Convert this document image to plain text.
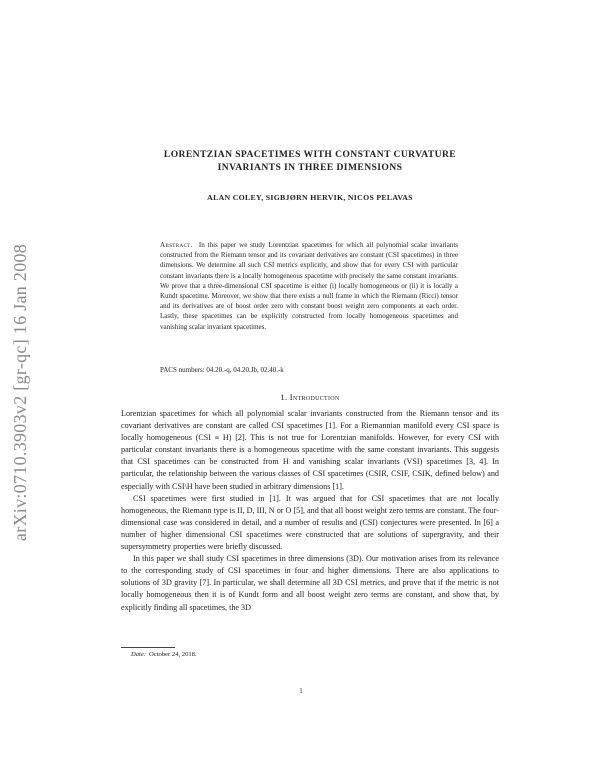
arXiv:0710.3903v2 [gr-qc] 16 Jan 2008
LORENTZIAN SPACETIMES WITH CONSTANT CURVATURE
INVARIANTS IN THREE DIMENSIONS
ALAN COLEY, SIGBJØRN HERVIK, NICOS PELAVAS
Abstract. In this paper we study Lorentzian spacetimes for which all polynomial scalar invariants constructed from the Riemann tensor and its covariant derivatives are constant (CSI spacetimes) in three dimensions. We determine all such CSI metrics explicitly, and show that for every CSI with particular constant invariants there is a locally homogeneous spacetime with precisely the same constant invariants. We prove that a three-dimensional CSI spacetime is either (i) locally homogeneous or (ii) it is locally a Kundt spacetime. Moreover, we show that there exists a null frame in which the Riemann (Ricci) tensor and its derivatives are of boost order zero with constant boost weight zero components at each order. Lastly, these spacetimes can be explicitly constructed from locally homogeneous spacetimes and vanishing scalar invariant spacetimes.
PACS numbers: 04.20.-q, 04.20.Jb, 02.40.-k
1. Introduction

Lorentzian spacetimes for which all polynomial scalar invariants constructed from the Riemann tensor and its covariant derivatives are constant are called CSI spacetimes [1]. For a Riemannian manifold every CSI space is locally homogeneous (CSI ≡ H) [2]. This is not true for Lorentzian manifolds. However, for every CSI with particular constant invariants there is a homogeneous spacetime with the same constant invariants. This suggests that CSI spacetimes can be constructed from H and vanishing scalar invariants (VSI) spacetimes [3, 4]. In particular, the relationship between the various classes of CSI spacetimes (CSIR, CSIF, CSIK, defined below) and especially with CSI\H have been studied in arbitrary dimensions [1].

CSI spacetimes were first studied in [1]. It was argued that for CSI spacetimes that are not locally homogeneous, the Riemann type is II, D, III, N or O [5], and that all boost weight zero terms are constant. The four-dimensional case was considered in detail, and a number of results and (CSI) conjectures were presented. In [6] a number of higher dimensional CSI spacetimes were constructed that are solutions of supergravity, and their supersymmetry properties were briefly discussed.

In this paper we shall study CSI spacetimes in three dimensions (3D). Our motivation arises from its relevance to the corresponding study of CSI spacetimes in four and higher dimensions. There are also applications to solutions of 3D gravity [7]. In particular, we shall determine all 3D CSI metrics, and prove that if the metric is not locally homogeneous then it is of Kundt form and all boost weight zero terms are constant, and show that, by explicitly finding all spacetimes, the 3D

Date: October 24, 2018.
1
